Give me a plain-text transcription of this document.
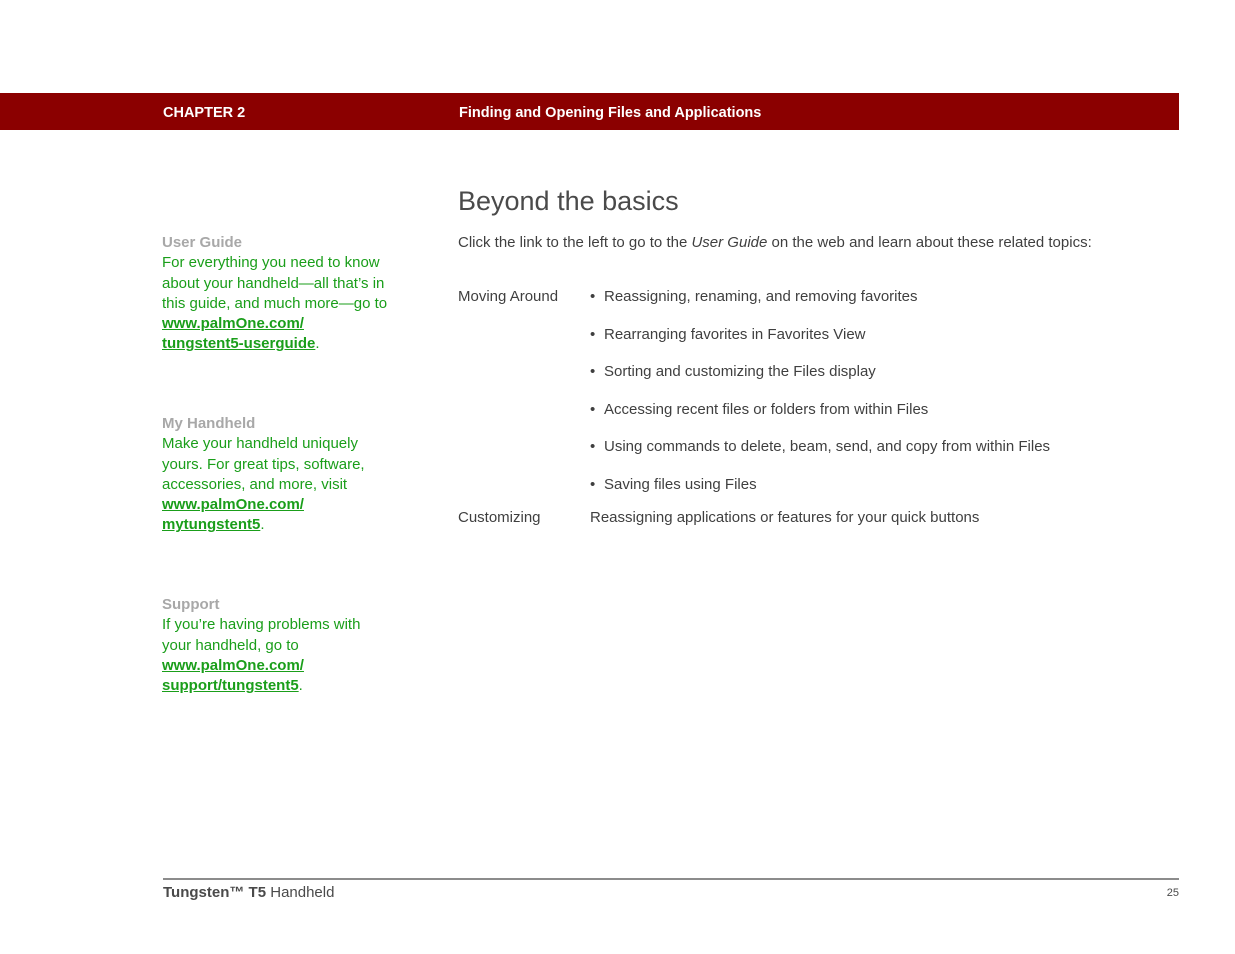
CHAPTER 2	Finding and Opening Files and Applications
User Guide
For everything you need to know about your handheld—all that’s in this guide, and much more—go to
www.palmOne.com/
tungstent5-userguide.
My Handheld
Make your handheld uniquely yours. For great tips, software, accessories, and more, visit
www.palmOne.com/
mytungstent5.
Support
If you’re having problems with your handheld, go to
www.palmOne.com/
support/tungstent5.
Beyond the basics

Click the link to the left to go to the User Guide on the web and learn about these related topics:

Moving Around	• Reassigning, renaming, and removing favorites
• Rearranging favorites in Favorites View
• Sorting and customizing the Files display
• Accessing recent files or folders from within Files
• Using commands to delete, beam, send, and copy from within Files
• Saving files using Files
Customizing	Reassigning applications or features for your quick buttons
Tungsten™ T5 Handheld	25
